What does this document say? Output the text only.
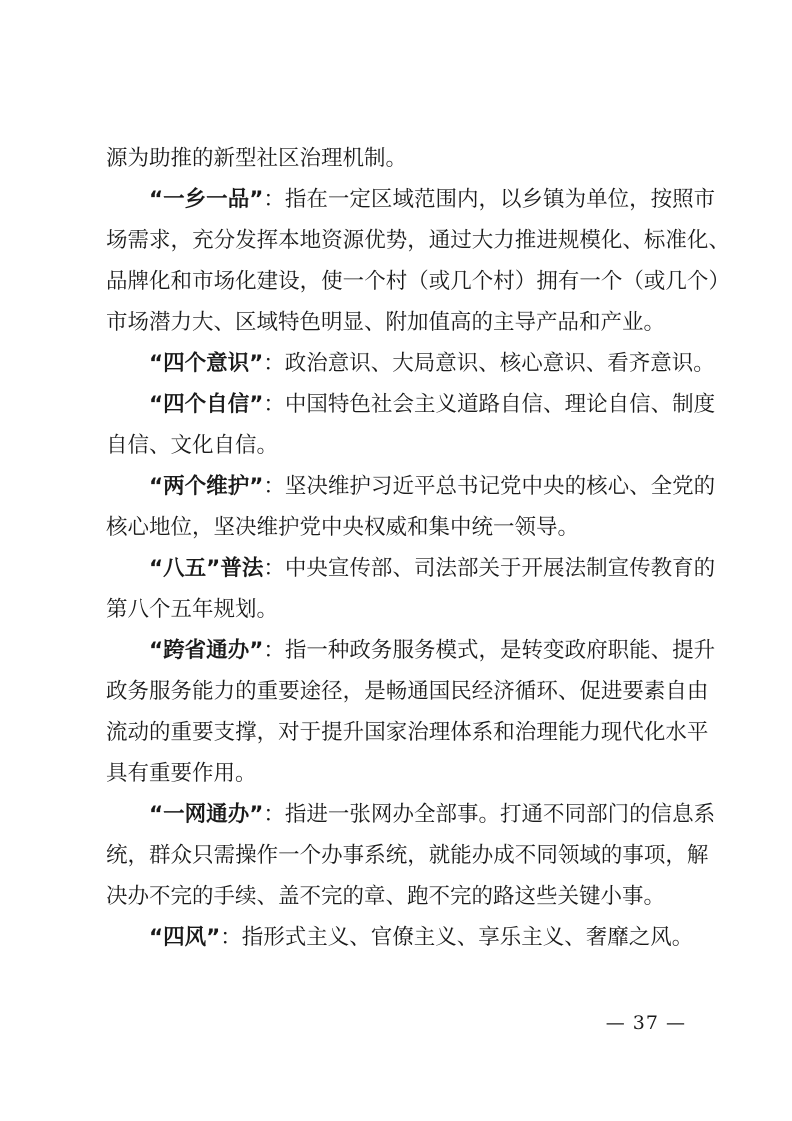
源为助推的新型社区治理机制。
“ 一 乡 一 品 ” ： 指 在 一 定 区 域 范 围 内 ， 以 乡 镇 为 单 位 ， 按 照 市
场 需 求 ， 充 分 发 挥 本 地 资 源 优 势 ， 通 过 大 力 推 进 规 模 化 、 标 准 化 、
品 牌 化 和 市 场 化 建 设 ， 使 一 个 村 （ 或 几 个 村 ） 拥 有 一 个 （ 或 几 个 ）
市场潜力大、区域特色明显、附加值高的主导产品和产业。
“四个意识” ：政治意识、大局意识、核心意识、看齐意识。
“ 四 个 自 信 ” ： 中 国 特 色 社 会 主 义 道 路 自 信 、 理 论 自 信 、 制 度
自信、文化自信。
“ 两 个 维 护 ” ： 坚 决 维 护 习 近 平 总 书 记 党 中 央 的 核 心 、 全 党 的
核心地位，坚决维护党中央权威和集中统一领导。
“ 八 五 ” 普 法 ： 中 央 宣 传 部 、 司 法 部 关 于 开 展 法 制 宣 传 教 育 的
第八个五年规划。
“ 跨 省 通 办 ” ： 指 一 种 政 务 服 务 模 式 ， 是 转 变 政 府 职 能 、 提 升
政 务 服 务 能 力 的 重 要 途 径 ， 是 畅 通 国 民 经 济 循 环 、 促 进 要 素 自 由
流 动 的 重 要 支 撑 ， 对 于 提 升 国 家 治 理 体 系 和 治 理 能 力 现 代 化 水 平
具有重要作用。
“ 一 网 通 办 ” ： 指 进 一 张 网 办 全 部 事 。 打 通 不 同 部 门 的 信 息 系
统 ， 群 众 只 需 操 作 一 个 办 事 系 统 ， 就 能 办 成 不 同 领 域 的 事 项 ， 解
决办不完的手续、盖不完的章、跑不完的路这些关键小事。
“四风” ：指形式主义、官僚主义、享乐主义、奢靡之风。
— 37 —
